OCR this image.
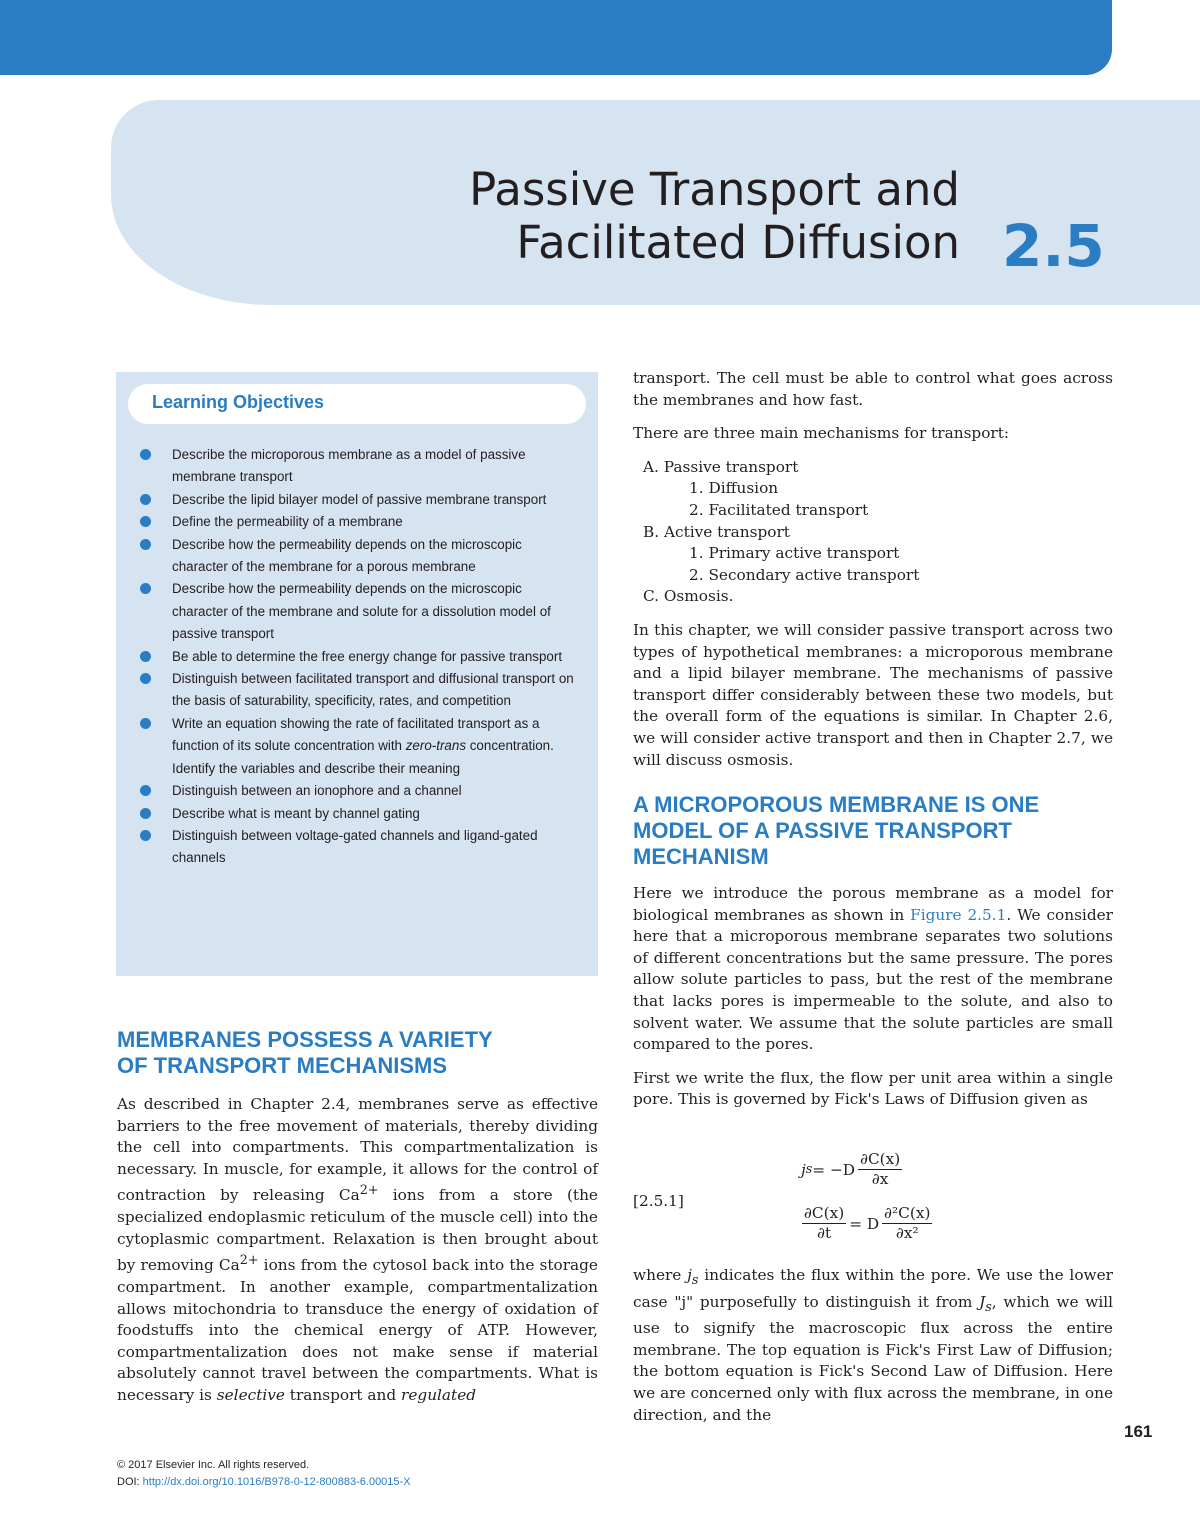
Passive Transport and
Facilitated Diffusion 2.5
Learning Objectives
Describe the microporous membrane as a model of passive membrane transport
Describe the lipid bilayer model of passive membrane transport
Define the permeability of a membrane
Describe how the permeability depends on the microscopic character of the membrane for a porous membrane
Describe how the permeability depends on the microscopic character of the membrane and solute for a dissolution model of passive transport
Be able to determine the free energy change for passive transport
Distinguish between facilitated transport and diffusional transport on the basis of saturability, specificity, rates, and competition
Write an equation showing the rate of facilitated transport as a function of its solute concentration with zero-trans concentration. Identify the variables and describe their meaning
Distinguish between an ionophore and a channel
Describe what is meant by channel gating
Distinguish between voltage-gated channels and ligand-gated channels
MEMBRANES POSSESS A VARIETY
OF TRANSPORT MECHANISMS

As described in Chapter 2.4, membranes serve as effective barriers to the free movement of materials, thereby dividing the cell into compartments. This compartmentalization is necessary. In muscle, for example, it allows for the control of contraction by releasing $Ca^{2+}$ ions from a store (the specialized endoplasmic reticulum of the muscle cell) into the cytoplasmic compartment. Relaxation is then brought about by removing $Ca^{2+}$ ions from the cytosol back into the storage compartment. In another example, compartmentalization allows mitochondria to transduce the energy of oxidation of foodstuffs into the chemical energy of ATP. However, compartmentalization does not make sense if material absolutely cannot travel between the compartments. What is necessary is selective transport and regulated

transport. The cell must be able to control what goes across the membranes and how fast.

There are three main mechanisms for transport:

A. Passive transport
1. Diffusion
2. Facilitated transport
B. Active transport
1. Primary active transport
2. Secondary active transport
C. Osmosis.

In this chapter, we will consider passive transport across two types of hypothetical membranes: a microporous membrane and a lipid bilayer membrane. The mechanisms of passive transport differ considerably between these two models, but the overall form of the equations is similar. In Chapter 2.6, we will consider active transport and then in Chapter 2.7, we will discuss osmosis.

A MICROPOROUS MEMBRANE IS ONE
MODEL OF A PASSIVE TRANSPORT
MECHANISM

Here we introduce the porous membrane as a model for biological membranes as shown in Figure 2.5.1. We consider here that a microporous membrane separates two solutions of different concentrations but the same pressure. The pores allow solute particles to pass, but the rest of the membrane that lacks pores is impermeable to the solute, and also to solvent water. We assume that the solute particles are small compared to the pores.

First we write the flux, the flow per unit area within a single pore. This is governed by Fick's Laws of Diffusion given as

[2.5.1]
j $s = -D \frac{\partial C(x)}{\partial x}$
$\frac{\partial C(x)}{\partial t} = D \frac{\text{∂²C(x)}}{\text{∂x²}}$

where $j_s$ indicates the flux within the pore. We use the lower case "j" purposefully to distinguish it from $J_s$, which we will use to signify the macroscopic flux across the entire membrane. The top equation is Fick's First Law of Diffusion; the bottom equation is Fick's Second Law of Diffusion. Here we are concerned only with flux across the membrane, in one direction, and the

161
© 2017 Elsevier Inc. All rights reserved.
DOI: http://dx.doi.org/10.1016/B978-0-12-800883-6.00015-X
